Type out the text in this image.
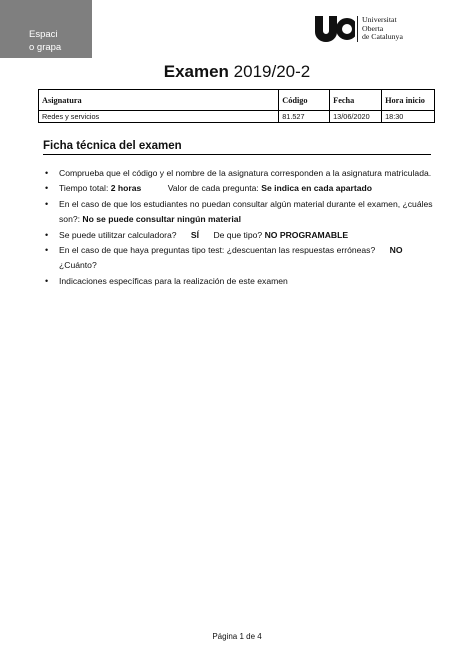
Espaci
o grapa
Universitat
Oberta
de Catalunya
Examen 2019/20-2
Asignatura	Código	Fecha	Hora inicio
Redes y servicios	81.527	13/06/2020	18:30
Ficha técnica del examen
• Comprueba que el código y el nombre de la asignatura corresponden a la asignatura matriculada.
• Tiempo total: 2 horas	Valor de cada pregunta: Se indica en cada apartado
• En el caso de que los estudiantes no puedan consultar algún material durante el examen, ¿cuáles son?: No se puede consultar ningún material
• Se puede utilitzar calculadora? SÍ De que tipo? NO PROGRAMABLE
• En el caso de que haya preguntas tipo test: ¿descuentan las respuestas erróneas? NO
¿Cuánto?
• Indicaciones específicas para la realización de este examen
Página 1 de 4
